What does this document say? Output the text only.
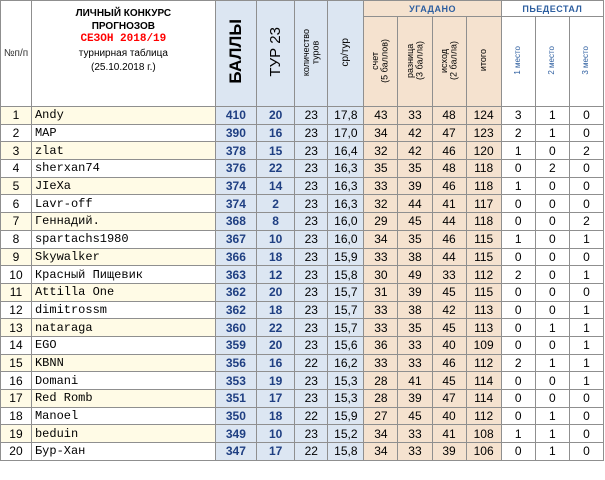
№п/п	ЛИЧНЫЙ КОНКУРС
ПРОГНОЗОВ
СЕЗОН 2018/19
турнирная таблица
(25.10.2018 г.)	БАЛЛЫ	ТУР 23	количество
туров	ср/тур	УГАДАНО				ПЬЕДЕСТАЛ		
						счет
(5 баллов)	разница
(3 балла)	исход
(2 балла)	итого	1 место	2 место	3 место
1	Andy	410	20	23	17,8	43	33	48	124	3	1	0
2	MAP	390	16	23	17,0	34	42	47	123	2	1	0
3	zlat	378	15	23	16,4	32	42	46	120	1	0	2
4	sherxan74	376	22	23	16,3	35	35	48	118	0	2	0
5	JIeXa	374	14	23	16,3	33	39	46	118	1	0	0
6	Lavr-off	374	2	23	16,3	32	44	41	117	0	0	0
7	Геннадий.	368	8	23	16,0	29	45	44	118	0	0	2
8	spartachs1980	367	10	23	16,0	34	35	46	115	1	0	1
9	Skywalker	366	18	23	15,9	33	38	44	115	0	0	0
10	Красный Пищевик	363	12	23	15,8	30	49	33	112	2	0	1
11	Attilla One	362	20	23	15,7	31	39	45	115	0	0	0
12	dimitrossm	362	18	23	15,7	33	38	42	113	0	0	1
13	nataraga	360	22	23	15,7	33	35	45	113	0	1	1
14	EGO	359	20	23	15,6	36	33	40	109	0	0	1
15	KBNN	356	16	22	16,2	33	33	46	112	2	1	1
16	Domani	353	19	23	15,3	28	41	45	114	0	0	1
17	Red Romb	351	17	23	15,3	28	39	47	114	0	0	0
18	Manoel	350	18	22	15,9	27	45	40	112	0	1	0
19	beduin	349	10	23	15,2	34	33	41	108	1	1	0
20	Бур-Хан	347	17	22	15,8	34	33	39	106	0	1	0
